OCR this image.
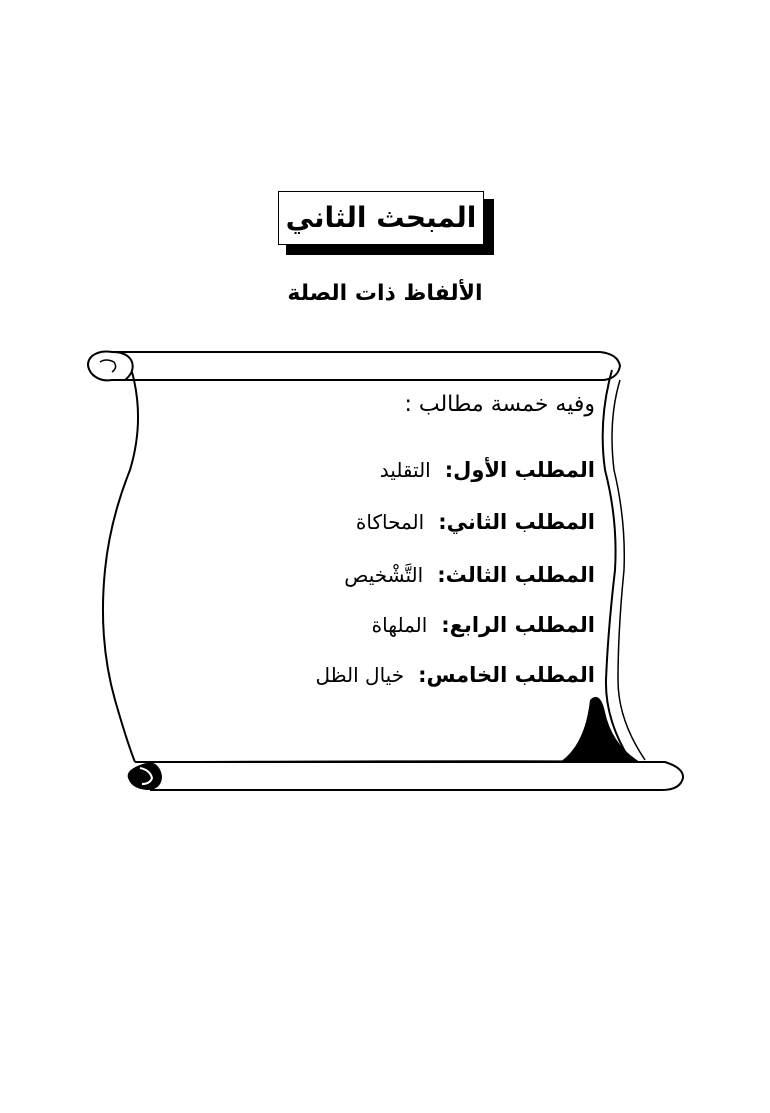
المبحث الثاني
الألفاظ ذات الصلة
وفيه خمسة مطالب :
المطلب الأول:
التقليد
المطلب الثاني:
المحاكاة
المطلب الثالث:
التَّشْخيص
المطلب الرابع:
الملهاة
المطلب الخامس:
خيال الظل
